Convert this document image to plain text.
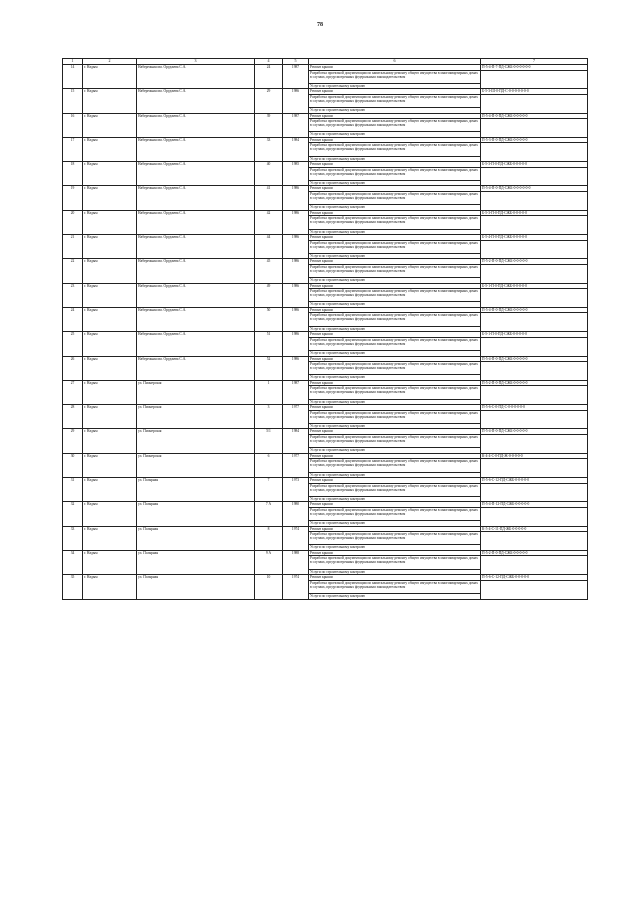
78
1	2	3	4	5	6	7
14	г. Надым	Набережная им. Оруджева С.А.	24	1987	Ремонт крыши
Разработка проектной документации по капитальному ремонту общего имущества в многоквартирных домах в случаях, предусмотренных федеральным законодательством
Услуги по строительному контролю	П-5-4-П-7-ПД-СЖБ-0-0-0-0-0-0

15	г. Надым	Набережная им. Оруджева С.А.	29	1986	Ремонт крыши
Разработка проектной документации по капитальному ремонту общего имущества в многоквартирных домах в случаях, предусмотренных федеральным законодательством
Услуги по строительному контролю	Б-5-3-Ш-0-ПД-С-0-0-0-0-0-0-0

16	г. Надым	Набережная им. Оруджева С.А.	39	1987	Ремонт крыши
Разработка проектной документации по капитальному ремонту общего имущества в многоквартирных домах в случаях, предусмотренных федеральным законодательством
Услуги по строительному контролю	П-5-4-П-0-ПД-СЖБ-0-0-0-0-0

17	г. Надым	Набережная им. Оруджева С.А.	33	1984	Ремонт крыши
Разработка проектной документации по капитальному ремонту общего имущества в многоквартирных домах в случаях, предусмотренных федеральным законодательством
Услуги по строительному контролю	П-5-3-П-0-ПД-СЖБ-0-0-0-0-0

18	г. Надым	Набережная им. Оруджева С.А.	40	1985	Ремонт крыши
Разработка проектной документации по капитальному ремонту общего имущества в многоквартирных домах в случаях, предусмотренных федеральным законодательством
Услуги по строительному контролю	Б-5-3-П-0-ПД-СЖБ-0-0-0-0-0

19	г. Надым	Набережная им. Оруджева С.А.	41	1986	Ремонт крыши
Разработка проектной документации по капитальному ремонту общего имущества в многоквартирных домах в случаях, предусмотренных федеральным законодательством
Услуги по строительному контролю	П-5-4-П-0-ПД-СЖБ-0-0-0-0-0-0

20	г. Надым	Набережная им. Оруджева С.А.	42	1986	Ремонт крыши
Разработка проектной документации по капитальному ремонту общего имущества в многоквартирных домах в случаях, предусмотренных федеральным законодательством
Услуги по строительному контролю	Б-5-3-П-0-ПД-СЖБ-0-0-0-0-0

21	г. Надым	Набережная им. Оруджева С.А.	44	1986	Ремонт крыши
Разработка проектной документации по капитальному ремонту общего имущества в многоквартирных домах в случаях, предусмотренных федеральным законодательством
Услуги по строительному контролю	Б-5-4-П-0-ПД-СЖБ-0-0-0-0-0

22	г. Надым	Набережная им. Оруджева С.А.	45	1986	Ремонт крыши
Разработка проектной документации по капитальному ремонту общего имущества в многоквартирных домах в случаях, предусмотренных федеральным законодательством
Услуги по строительному контролю	П-5-2-П-0-ПД-СЖБ-0-0-0-0-0

23	г. Надым	Набережная им. Оруджева С.А.	49	1986	Ремонт крыши
Разработка проектной документации по капитальному ремонту общего имущества в многоквартирных домах в случаях, предусмотренных федеральным законодательством
Услуги по строительному контролю	Б-5-1-П-0-ПД-СЖБ-0-0-0-0-0

24	г. Надым	Набережная им. Оруджева С.А.	50	1986	Ремонт крыши
Разработка проектной документации по капитальному ремонту общего имущества в многоквартирных домах в случаях, предусмотренных федеральным законодательством
Услуги по строительному контролю	П-5-4-П-0-ПД-СЖБ-0-0-0-0-0

25	г. Надым	Набережная им. Оруджева С.А.	51	1986	Ремонт крыши
Разработка проектной документации по капитальному ремонту общего имущества в многоквартирных домах в случаях, предусмотренных федеральным законодательством
Услуги по строительному контролю	Б-5-1-П-0-ПД-СЖБ-0-0-0-0-0

26	г. Надым	Набережная им. Оруджева С.А.	52	1986	Ремонт крыши
Разработка проектной документации по капитальному ремонту общего имущества в многоквартирных домах в случаях, предусмотренных федеральным законодательством
Услуги по строительному контролю	П-5-4-П-0-ПД-СЖБ-0-0-0-0-0

27	г. Надым	ул. Пионерская	1	1987	Ремонт крыши
Разработка проектной документации по капитальному ремонту общего имущества в многоквартирных домах в случаях, предусмотренных федеральным законодательством
Услуги по строительному контролю	П-5-2-П-0-ПД-СЖБ-0-0-0-0-0

28	г. Надым	ул. Пионерская	3	1977	Ремонт крыши
Разработка проектной документации по капитальному ремонту общего имущества в многоквартирных домах в случаях, предусмотренных федеральным законодательством
Услуги по строительному контролю	П-5-6-С-0-ПД-С-0-0-0-0-0-0

29	г. Надым	ул. Пионерская	5/1	1984	Ремонт крыши
Разработка проектной документации по капитальному ремонту общего имущества в многоквартирных домах в случаях, предусмотренных федеральным законодательством
Услуги по строительному контролю	П-5-4-П-0-ПД-СЖБ-0-0-0-0-0

30	г. Надым	ул. Пионерская	6	1977	Ремонт крыши
Разработка проектной документации по капитальному ремонту общего имущества в многоквартирных домах в случаях, предусмотренных федеральным законодательством
Услуги по строительному контролю	К-4-4-С-0-ПД-Ж-0-0-0-0-0

31	г. Надым	ул. Полярная	7	1973	Ремонт крыши
Разработка проектной документации по капитальному ремонту общего имущества в многоквартирных домах в случаях, предусмотренных федеральным законодательством
Услуги по строительному контролю	П-5-6-С-12-ПД-СЖБ-0-0-0-0-0

32	г. Надым	ул. Полярная	7 А	1980	Ремонт крыши
Разработка проектной документации по капитальному ремонту общего имущества в многоквартирных домах в случаях, предусмотренных федеральным законодательством
Услуги по строительному контролю	П-5-4-П-12-ПД-СЖБ-0-0-0-0-0

33	г. Надым	ул. Полярная	8	1974	Ремонт крыши
Разработка проектной документации по капитальному ремонту общего имущества в многоквартирных домах в случаях, предусмотренных федеральным законодательством
Услуги по строительному контролю	К-5-4-С-11-ПД-ЖБ-0-0-0-0-0

34	г. Надым	ул. Полярная	9 А	1988	Ремонт крыши
Разработка проектной документации по капитальному ремонту общего имущества в многоквартирных домах в случаях, предусмотренных федеральным законодательством
Услуги по строительному контролю	П-5-2-П-0-ПД-СЖБ-0-0-0-0-0

35	г. Надым	ул. Полярная	10	1974	Ремонт крыши
Разработка проектной документации по капитальному ремонту общего имущества в многоквартирных домах в случаях, предусмотренных федеральным законодательством
Услуги по строительному контролю	П-5-6-С-12-ПД-СЖБ-0-0-0-0-0
